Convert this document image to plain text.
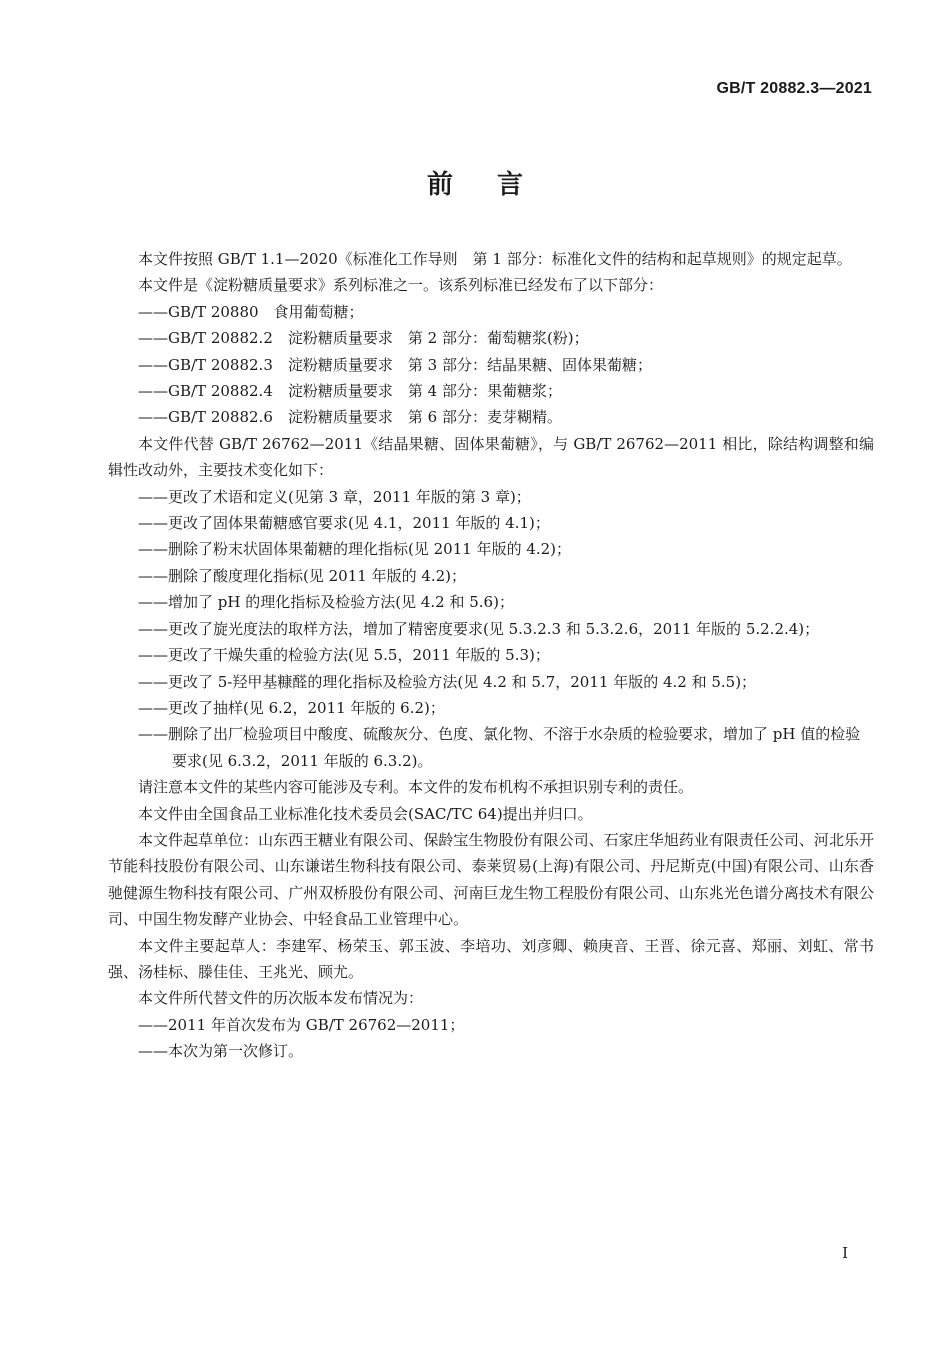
GB/T 20882.3—2021
前言

本文件按照 GB/T 1.1—2020《标准化工作导则　第 1 部分：标准化文件的结构和起草规则》的规定起草。

本文件是《淀粉糖质量要求》系列标准之一。该系列标准已经发布了以下部分：

——GB/T 20880　食用葡萄糖；

——GB/T 20882.2　淀粉糖质量要求　第 2 部分：葡萄糖浆(粉)；

——GB/T 20882.3　淀粉糖质量要求　第 3 部分：结晶果糖、固体果葡糖；

——GB/T 20882.4　淀粉糖质量要求　第 4 部分：果葡糖浆；

——GB/T 20882.6　淀粉糖质量要求　第 6 部分：麦芽糊精。

本文件代替 GB/T 26762—2011《结晶果糖、固体果葡糖》，与 GB/T 26762—2011 相比，除结构调整和编辑性改动外，主要技术变化如下：

——更改了术语和定义(见第 3 章，2011 年版的第 3 章)；

——更改了固体果葡糖感官要求(见 4.1，2011 年版的 4.1)；

——删除了粉末状固体果葡糖的理化指标(见 2011 年版的 4.2)；

——删除了酸度理化指标(见 2011 年版的 4.2)；

——增加了 pH 的理化指标及检验方法(见 4.2 和 5.6)；

——更改了旋光度法的取样方法，增加了精密度要求(见 5.3.2.3 和 5.3.2.6，2011 年版的 5.2.2.4)；

——更改了干燥失重的检验方法(见 5.5，2011 年版的 5.3)；

——更改了 5-羟甲基糠醛的理化指标及检验方法(见 4.2 和 5.7，2011 年版的 4.2 和 5.5)；

——更改了抽样(见 6.2，2011 年版的 6.2)；

——删除了出厂检验项目中酸度、硫酸灰分、色度、氯化物、不溶于水杂质的检验要求，增加了 pH 值的检验要求(见 6.3.2，2011 年版的 6.3.2)。

请注意本文件的某些内容可能涉及专利。本文件的发布机构不承担识别专利的责任。

本文件由全国食品工业标准化技术委员会(SAC/TC 64)提出并归口。

本文件起草单位：山东西王糖业有限公司、保龄宝生物股份有限公司、石家庄华旭药业有限责任公司、河北乐开节能科技股份有限公司、山东谦诺生物科技有限公司、泰莱贸易(上海)有限公司、丹尼斯克(中国)有限公司、山东香驰健源生物科技有限公司、广州双桥股份有限公司、河南巨龙生物工程股份有限公司、山东兆光色谱分离技术有限公司、中国生物发酵产业协会、中轻食品工业管理中心。

本文件主要起草人：李建军、杨荣玉、郭玉波、李培功、刘彦卿、赖庚音、王晋、徐元喜、郑丽、刘虹、常书强、汤桂标、滕佳佳、王兆光、顾尤。

本文件所代替文件的历次版本发布情况为：

——2011 年首次发布为 GB/T 26762—2011；

——本次为第一次修订。

I
